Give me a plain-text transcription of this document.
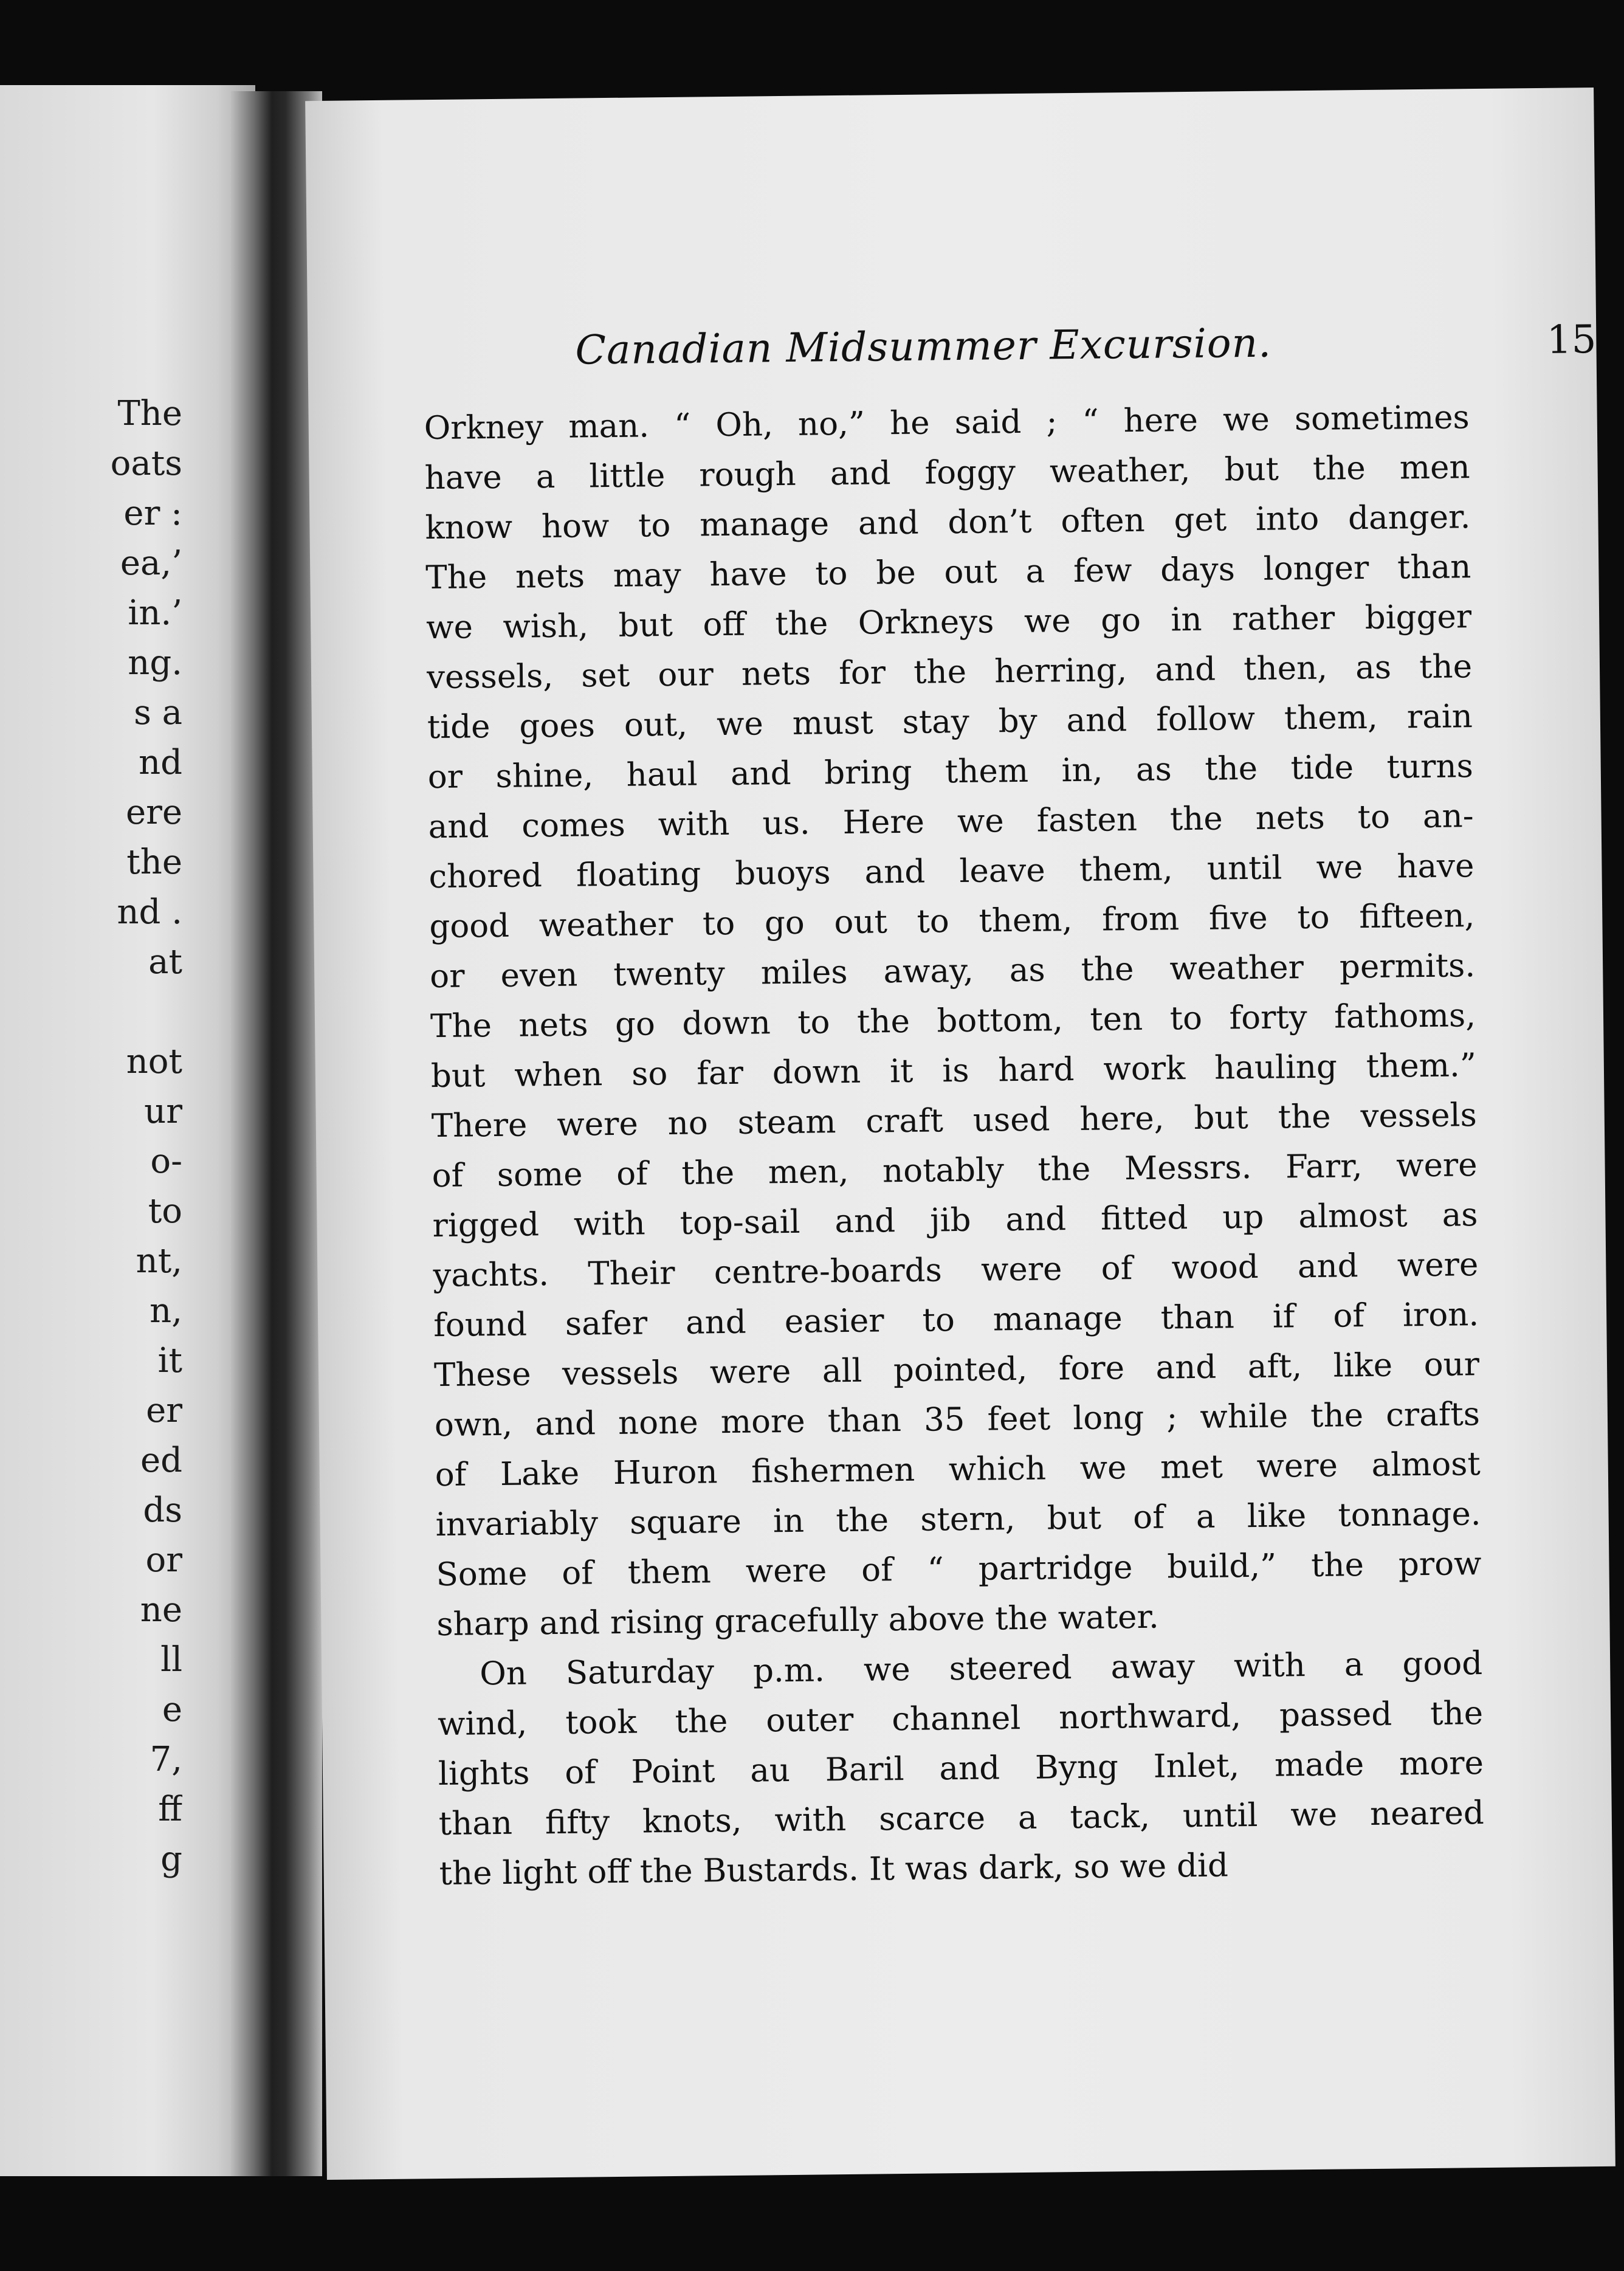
The
oats
er :
ea,’
in.’
ng.
s a
nd
ere
the
nd .
at
not
ur
o-
to
nt,
n,
it
er
ed
ds
or
ne
ll
e
7,
ff
g
Canadian Midsummer Excursion.	15
Orkney man. “ Oh, no,” he said ; “ here we sometimes
have a little rough and foggy weather, but the men
know how to manage and don’t often get into danger.
The nets may have to be out a few days longer than
we wish, but off the Orkneys we go in rather bigger
vessels, set our nets for the herring, and then, as the
tide goes out, we must stay by and follow them, rain
or shine, haul and bring them in, as the tide turns
and comes with us. Here we fasten the nets to an-
chored floating buoys and leave them, until we have
good weather to go out to them, from five to fifteen,
or even twenty miles away, as the weather permits.
The nets go down to the bottom, ten to forty fathoms,
but when so far down it is hard work hauling them.”
There were no steam craft used here, but the vessels
of some of the men, notably the Messrs. Farr, were
rigged with top-sail and jib and fitted up almost as
yachts. Their centre-boards were of wood and were
found safer and easier to manage than if of iron.
These vessels were all pointed, fore and aft, like our
own, and none more than 35 feet long ; while the crafts
of Lake Huron fishermen which we met were almost
invariably square in the stern, but of a like tonnage.
Some of them were of “ partridge build,” the prow
sharp and rising gracefully above the water.
On Saturday p.m. we steered away with a good
wind, took the outer channel northward, passed the
lights of Point au Baril and Byng Inlet, made more
than fifty knots, with scarce a tack, until we neared
the light off the Bustards. It was dark, so we did
